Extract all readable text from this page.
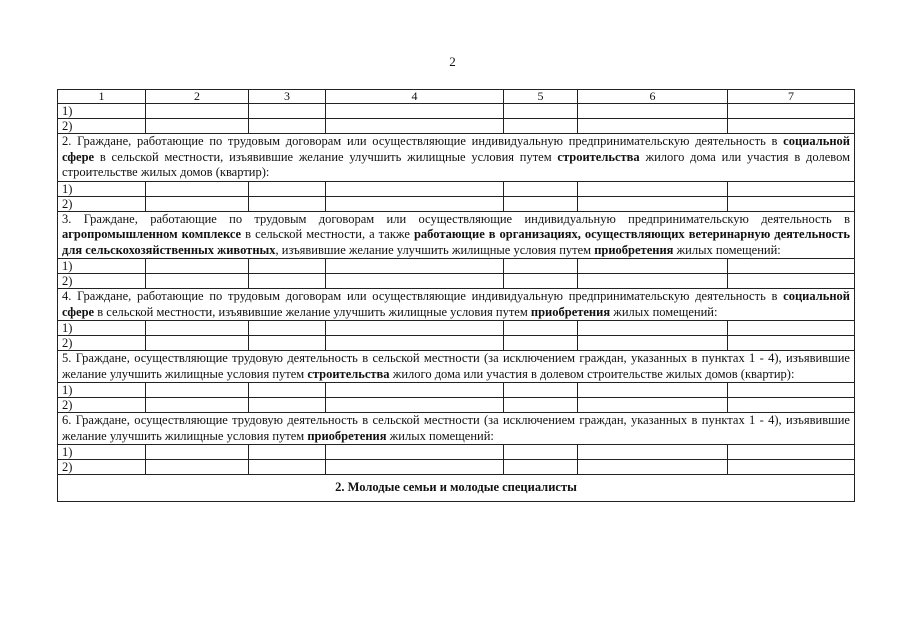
2
1	2	3	4	5	6	7
1)						
2)						
2. Граждане, работающие по трудовым договорам или осуществляющие индивидуальную предпринимательскую деятельность в социальной сфере в сельской местности, изъявившие желание улучшить жилищные условия путем строительства жилого дома или участия в долевом строительстве жилых домов (квартир):						
1)						
2)						
3. Граждане, работающие по трудовым договорам или осуществляющие индивидуальную предпринимательскую деятельность в агропромышленном комплексе в сельской местности, а также работающие в организациях, осуществляющих ветеринарную деятельность для сельскохозяйственных животных, изъявившие желание улучшить жилищные условия путем приобретения жилых помещений:						
1)						
2)						
4. Граждане, работающие по трудовым договорам или осуществляющие индивидуальную предпринимательскую деятельность в социальной сфере в сельской местности, изъявившие желание улучшить жилищные условия путем приобретения жилых помещений:						
1)						
2)						
5. Граждане, осуществляющие трудовую деятельность в сельской местности (за исключением граждан, указанных в пунктах 1 - 4), изъявившие желание улучшить жилищные условия путем строительства жилого дома или участия в долевом строительстве жилых домов (квартир):						
1)						
2)						
6. Граждане, осуществляющие трудовую деятельность в сельской местности (за исключением граждан, указанных в пунктах 1 - 4), изъявившие желание улучшить жилищные условия путем приобретения жилых помещений:						
1)						
2)						
2. Молодые семьи и молодые специалисты						
